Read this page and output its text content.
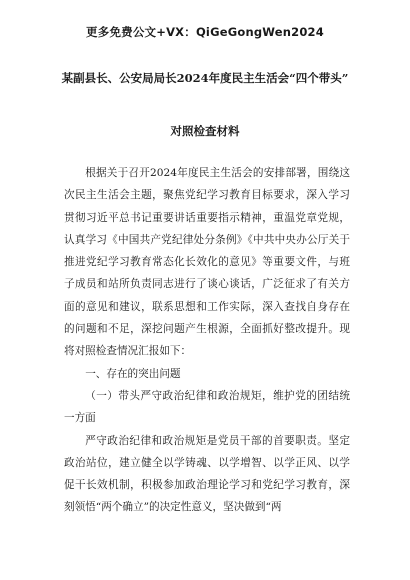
更多免费公文+VX：QiGeGongWen2024
某副县长、公安局局长2024年度民主生活会“四个带头”
对照检查材料

根据关于召开2024年度民主生活会的安排部署，围绕这次民主生活会主题，聚焦党纪学习教育目标要求，深入学习贯彻习近平总书记重要讲话重要指示精神，重温党章党规，认真学习《中国共产党纪律处分条例》《中共中央办公厅关于推进党纪学习教育常态化长效化的意见》等重要文件，与班子成员和站所负责同志进行了谈心谈话，广泛征求了有关方面的意见和建议，联系思想和工作实际，深入查找自身存在的问题和不足，深挖问题产生根源，全面抓好整改提升。现将对照检查情况汇报如下：

一、存在的突出问题

（一）带头严守政治纪律和政治规矩，维护党的团结统一方面

严守政治纪律和政治规矩是党员干部的首要职责。坚定政治站位，建立健全以学铸魂、以学增智、以学正风、以学促干长效机制，积极参加政治理论学习和党纪学习教育，深刻领悟“两个确立”的决定性意义，坚决做到“两
